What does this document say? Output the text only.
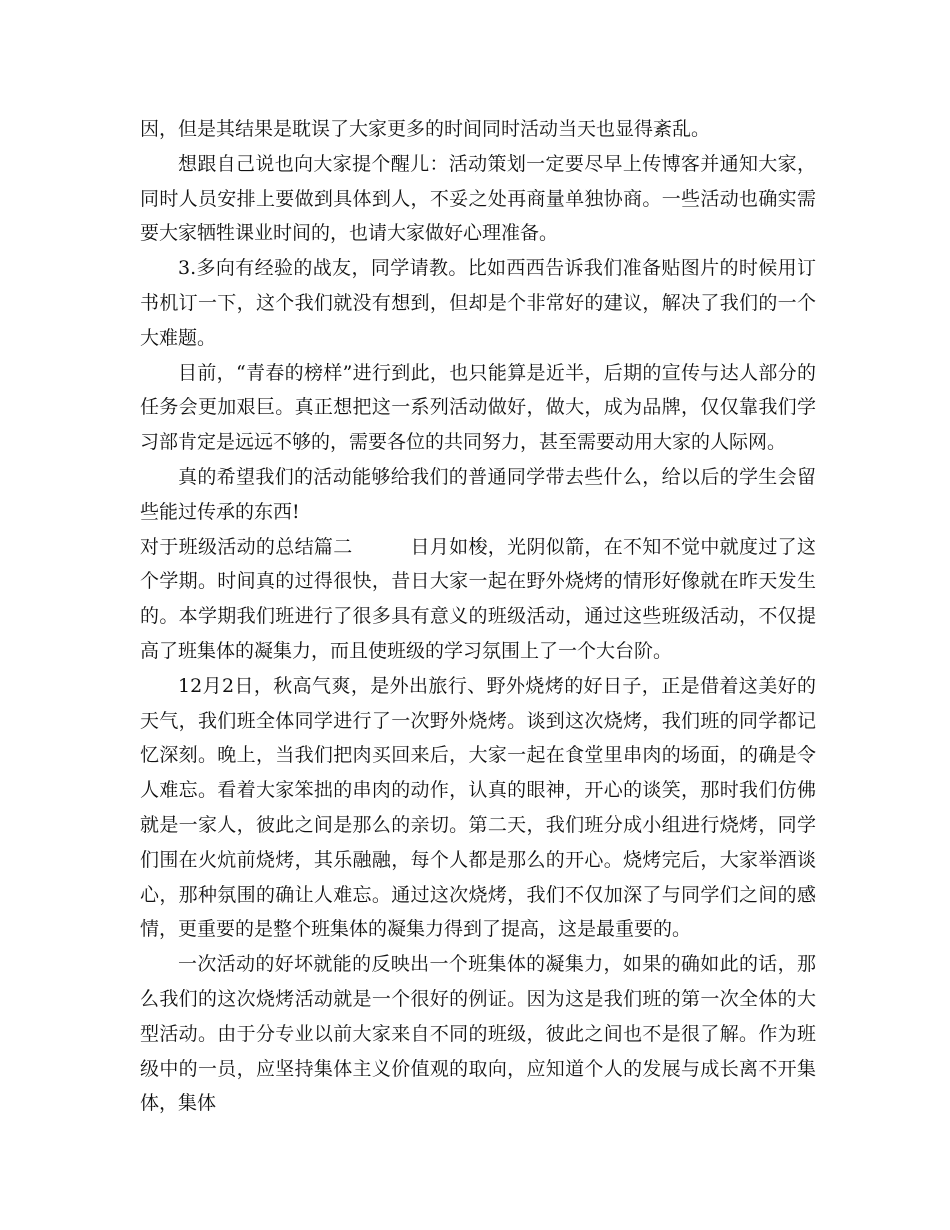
因，但是其结果是耽误了大家更多的时间同时活动当天也显得紊乱。

想跟自己说也向大家提个醒儿：活动策划一定要尽早上传博客并通知大家，同时人员安排上要做到具体到人，不妥之处再商量单独协商。一些活动也确实需要大家牺牲课业时间的，也请大家做好心理准备。

3.多向有经验的战友，同学请教。比如西西告诉我们准备贴图片的时候用订书机订一下，这个我们就没有想到，但却是个非常好的建议，解决了我们的一个大难题。

目前，“青春的榜样”进行到此，也只能算是近半，后期的宣传与达人部分的任务会更加艰巨。真正想把这一系列活动做好，做大，成为品牌，仅仅靠我们学习部肯定是远远不够的，需要各位的共同努力，甚至需要动用大家的人际网。

真的希望我们的活动能够给我们的普通同学带去些什么，给以后的学生会留些能过传承的东西!

对于班级活动的总结篇二　　　	日月如梭，光阴似箭，在不知不觉中就度过了这个学期。时间真的过得很快，昔日大家一起在野外烧烤的情形好像就在昨天发生的。本学期我们班进行了很多具有意义的班级活动，通过这些班级活动，不仅提高了班集体的凝集力，而且使班级的学习氛围上了一个大台阶。

12月2日，秋高气爽，是外出旅行、野外烧烤的好日子，正是借着这美好的天气，我们班全体同学进行了一次野外烧烤。谈到这次烧烤，我们班的同学都记忆深刻。晚上，当我们把肉买回来后，大家一起在食堂里串肉的场面，的确是令人难忘。看着大家笨拙的串肉的动作，认真的眼神，开心的谈笑，那时我们仿佛就是一家人，彼此之间是那么的亲切。第二天，我们班分成小组进行烧烤，同学们围在火炕前烧烤，其乐融融，每个人都是那么的开心。烧烤完后，大家举酒谈心，那种氛围的确让人难忘。通过这次烧烤，我们不仅加深了与同学们之间的感情，更重要的是整个班集体的凝集力得到了提高，这是最重要的。

一次活动的好坏就能的反映出一个班集体的凝集力，如果的确如此的话，那么我们的这次烧烤活动就是一个很好的例证。因为这是我们班的第一次全体的大型活动。由于分专业以前大家来自不同的班级，彼此之间也不是很了解。作为班级中的一员，应坚持集体主义价值观的取向，应知道个人的发展与成长离不开集体，集体
